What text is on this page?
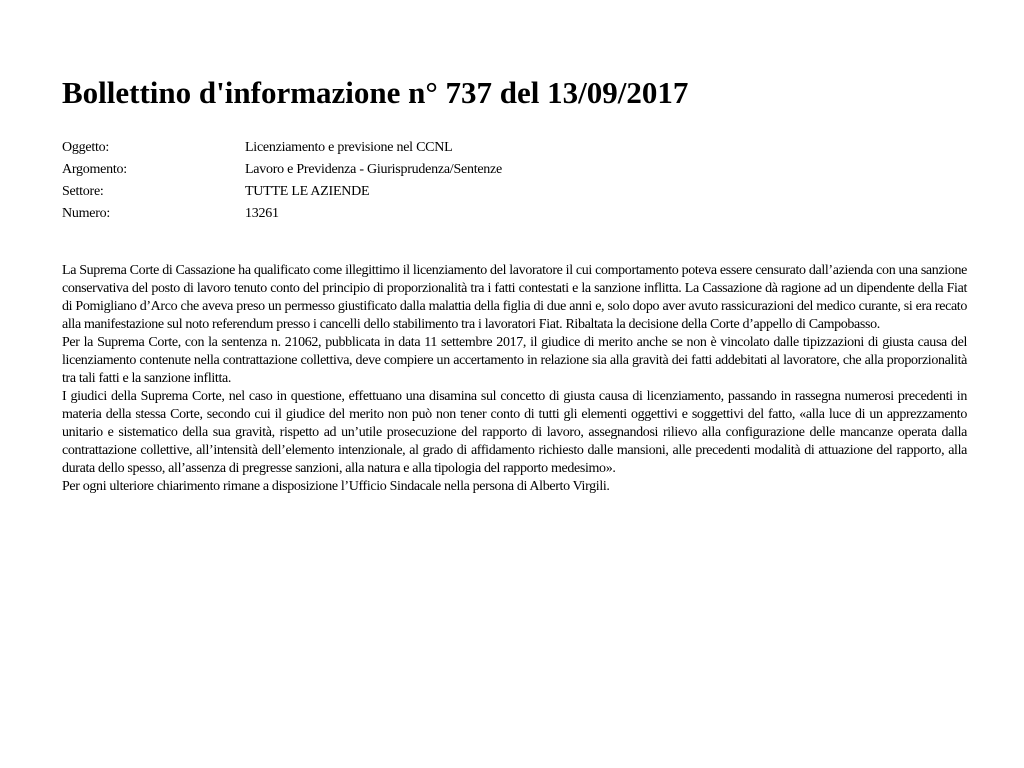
Bollettino d'informazione n° 737 del 13/09/2017
Oggetto:	Licenziamento e previsione nel CCNL
Argomento:	Lavoro e Previdenza - Giurisprudenza/Sentenze
Settore:	TUTTE LE AZIENDE
Numero:	13261

La Suprema Corte di Cassazione ha qualificato come illegittimo il licenziamento del lavoratore il cui comportamento poteva essere censurato dall’azienda con una sanzione conservativa del posto di lavoro tenuto conto del principio di proporzionalità tra i fatti contestati e la sanzione inflitta. La Cassazione dà ragione ad un dipendente della Fiat di Pomigliano d’Arco che aveva preso un permesso giustificato dalla malattia della figlia di due anni e, solo dopo aver avuto rassicurazioni del medico curante, si era recato alla manifestazione sul noto referendum presso i cancelli dello stabilimento tra i lavoratori Fiat. Ribaltata la decisione della Corte d’appello di Campobasso.

Per la Suprema Corte, con la sentenza n. 21062, pubblicata in data 11 settembre 2017, il giudice di merito anche se non è vincolato dalle tipizzazioni di giusta causa del licenziamento contenute nella contrattazione collettiva, deve compiere un accertamento in relazione sia alla gravità dei fatti addebitati al lavoratore, che alla proporzionalità tra tali fatti e la sanzione inflitta.

I giudici della Suprema Corte, nel caso in questione, effettuano una disamina sul concetto di giusta causa di licenziamento, passando in rassegna numerosi precedenti in materia della stessa Corte, secondo cui il giudice del merito non può non tener conto di tutti gli elementi oggettivi e soggettivi del fatto, «alla luce di un apprezzamento unitario e sistematico della sua gravità, rispetto ad un’utile prosecuzione del rapporto di lavoro, assegnandosi rilievo alla configurazione delle mancanze operata dalla contrattazione collettive, all’intensità dell’elemento intenzionale, al grado di affidamento richiesto dalle mansioni, alle precedenti modalità di attuazione del rapporto, alla durata dello spesso, all’assenza di pregresse sanzioni, alla natura e alla tipologia del rapporto medesimo».

Per ogni ulteriore chiarimento rimane a disposizione l’Ufficio Sindacale nella persona di Alberto Virgili.
